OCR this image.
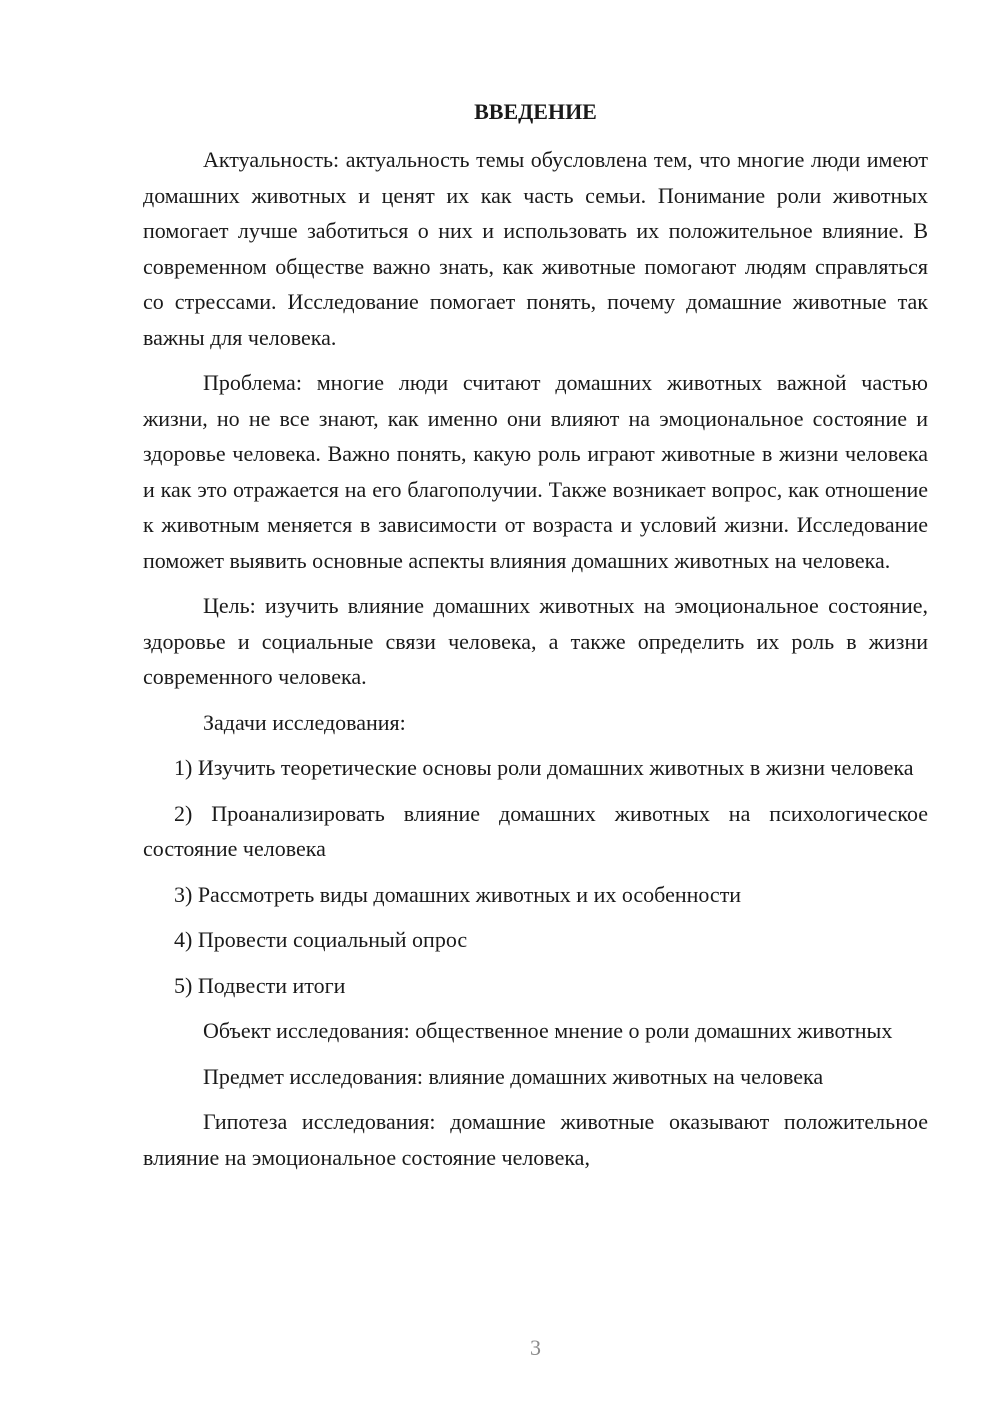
ВВЕДЕНИЕ

Актуальность: актуальность темы обусловлена тем, что многие люди имеют домашних животных и ценят их как часть семьи. Понимание роли животных помогает лучше заботиться о них и использовать их положительное влияние. В современном обществе важно знать, как животные помогают людям справляться со стрессами. Исследование помогает понять, почему домашние животные так важны для человека.

Проблема: многие люди считают домашних животных важной частью жизни, но не все знают, как именно они влияют на эмоциональное состояние и здоровье человека. Важно понять, какую роль играют животные в жизни человека и как это отражается на его благополучии. Также возникает вопрос, как отношение к животным меняется в зависимости от возраста и условий жизни. Исследование поможет выявить основные аспекты влияния домашних животных на человека.

Цель: изучить влияние домашних животных на эмоциональное состояние, здоровье и социальные связи человека, а также определить их роль в жизни современного человека.

Задачи исследования:

1) Изучить теоретические основы роли домашних животных в жизни человека

2) Проанализировать влияние домашних животных на психологическое состояние человека

3) Рассмотреть виды домашних животных и их особенности

4) Провести социальный опрос

5) Подвести итоги

Объект исследования: общественное мнение о роли домашних животных

Предмет исследования: влияние домашних животных на человека

Гипотеза исследования: домашние животные оказывают положительное влияние на эмоциональное состояние человека,

3
